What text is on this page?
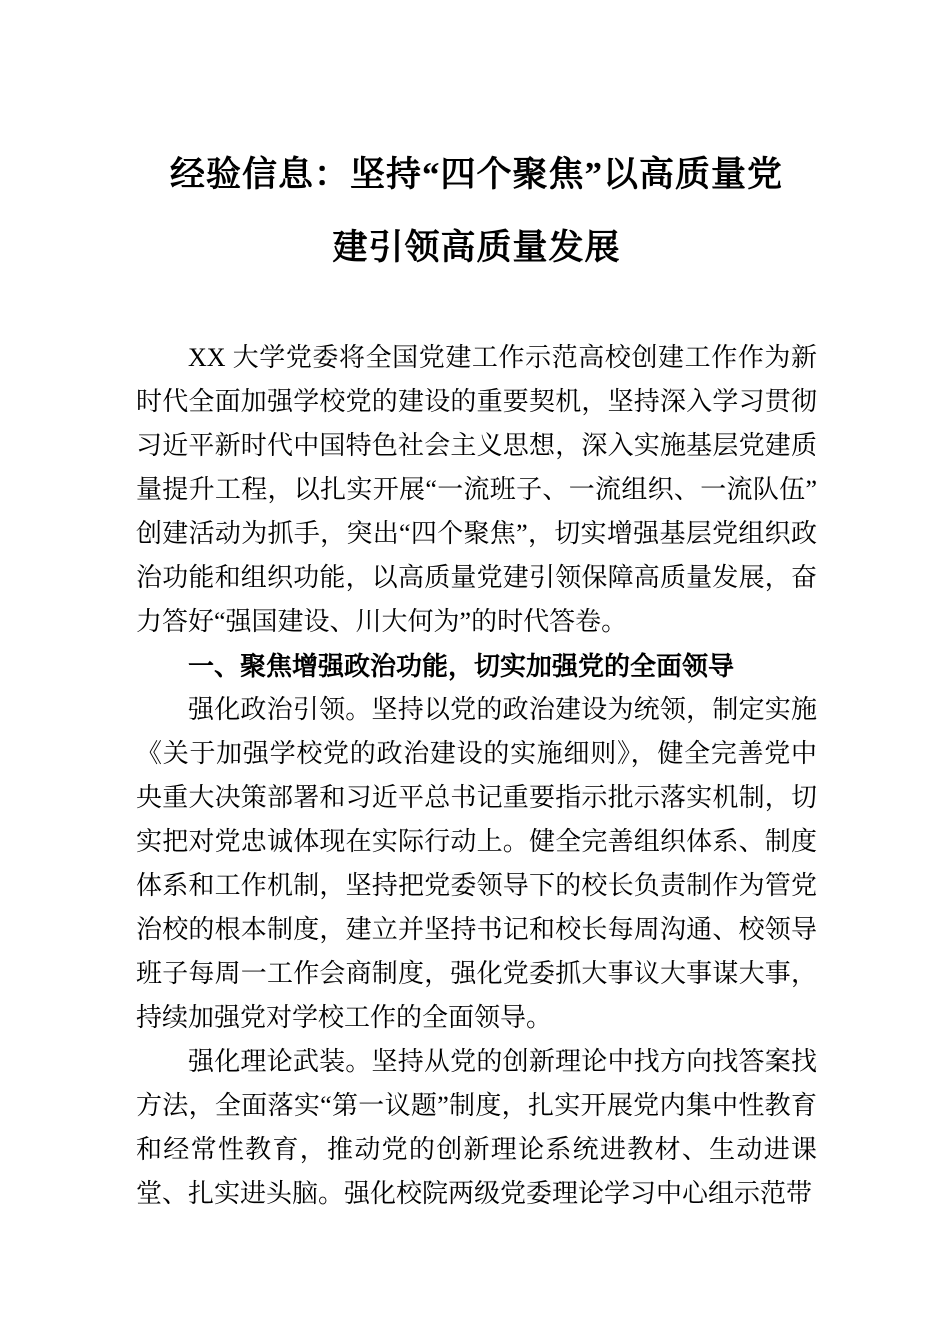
经验信息：坚持“四个聚焦”以高质量党
建引领高质量发展

XX 大学党委将全国党建工作示范高校创建工作作为新时代全面加强学校党的建设的重要契机，坚持深入学习贯彻习近平新时代中国特色社会主义思想，深入实施基层党建质量提升工程，以扎实开展“一流班子、一流组织、一流队伍”创建活动为抓手，突出“四个聚焦”，切实增强基层党组织政治功能和组织功能，以高质量党建引领保障高质量发展，奋力答好“强国建设、川大何为”的时代答卷。

一、聚焦增强政治功能，切实加强党的全面领导

强化政治引领。坚持以党的政治建设为统领，制定实施《关于加强学校党的政治建设的实施细则》，健全完善党中央重大决策部署和习近平总书记重要指示批示落实机制，切实把对党忠诚体现在实际行动上。健全完善组织体系、制度体系和工作机制，坚持把党委领导下的校长负责制作为管党治校的根本制度，建立并坚持书记和校长每周沟通、校领导班子每周一工作会商制度，强化党委抓大事议大事谋大事，持续加强党对学校工作的全面领导。

强化理论武装。坚持从党的创新理论中找方向找答案找方法，全面落实“第一议题”制度，扎实开展党内集中性教育和经常性教育，推动党的创新理论系统进教材、生动进课堂、扎实进头脑。强化校院两级党委理论学习中心组示范带
